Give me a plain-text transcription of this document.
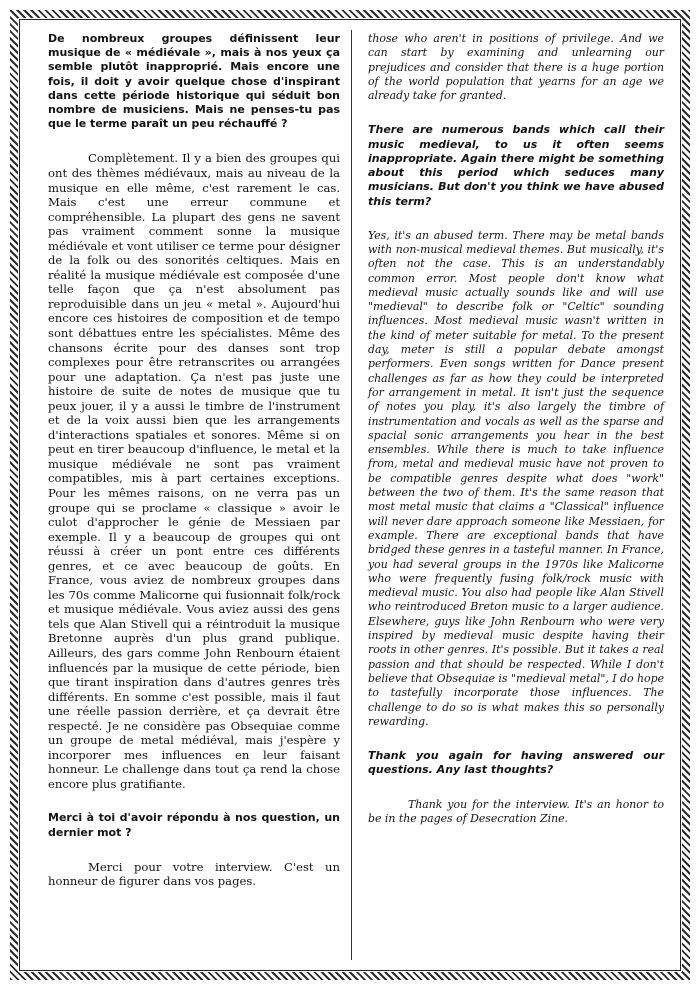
De nombreux groupes définissent leur musique de « médiévale », mais à nos yeux ça semble plutôt inapproprié. Mais encore une fois, il doit y avoir quelque chose d'inspirant dans cette période historique qui séduit bon nombre de musiciens. Mais ne penses-tu pas que le terme paraît un peu réchauffé ?

Complètement. Il y a bien des groupes qui ont des thèmes médiévaux, mais au niveau de la musique en elle même, c'est rarement le cas. Mais c'est une erreur commune et compréhensible. La plupart des gens ne savent pas vraiment comment sonne la musique médiévale et vont utiliser ce terme pour désigner de la folk ou des sonorités celtiques. Mais en réalité la musique médiévale est composée d'une telle façon que ça n'est absolument pas reproduisible dans un jeu « metal ». Aujourd'hui encore ces histoires de composition et de tempo sont débattues entre les spécialistes. Même des chansons écrite pour des danses sont trop complexes pour être retranscrites ou arrangées pour une adaptation. Ça n'est pas juste une histoire de suite de notes de musique que tu peux jouer, il y a aussi le timbre de l'instrument et de la voix aussi bien que les arrangements d'interactions spatiales et sonores. Même si on peut en tirer beaucoup d'influence, le metal et la musique médiévale ne sont pas vraiment compatibles, mis à part certaines exceptions. Pour les mêmes raisons, on ne verra pas un groupe qui se proclame « classique » avoir le culot d'approcher le génie de Messiaen par exemple. Il y a beaucoup de groupes qui ont réussi à créer un pont entre ces différents genres, et ce avec beaucoup de goûts. En France, vous aviez de nombreux groupes dans les 70s comme Malicorne qui fusionnait folk/rock et musique médiévale. Vous aviez aussi des gens tels que Alan Stivell qui a réintroduit la musique Bretonne auprès d'un plus grand publique. Ailleurs, des gars comme John Renbourn étaient influencés par la musique de cette période, bien que tirant inspiration dans d'autres genres très différents. En somme c'est possible, mais il faut une réelle passion derrière, et ça devrait être respecté. Je ne considère pas Obsequiae comme un groupe de metal médiéval, mais j'espère y incorporer mes influences en leur faisant honneur. Le challenge dans tout ça rend la chose encore plus gratifiante.

Merci à toi d'avoir répondu à nos question, un dernier mot ?

Merci pour votre interview. C'est un honneur de figurer dans vos pages.

those who aren't in positions of privilege. And we can start by examining and unlearning our prejudices and consider that there is a huge portion of the world population that yearns for an age we already take for granted.

There are numerous bands which call their music medieval, to us it often seems inappropriate. Again there might be something about this period which seduces many musicians. But don't you think we have abused this term?

Yes, it's an abused term. There may be metal bands with non-musical medieval themes. But musically, it's often not the case. This is an understandably common error. Most people don't know what medieval music actually sounds like and will use "medieval" to describe folk or "Celtic" sounding influences. Most medieval music wasn't written in the kind of meter suitable for metal. To the present day, meter is still a popular debate amongst performers. Even songs written for Dance present challenges as far as how they could be interpreted for arrangement in metal. It isn't just the sequence of notes you play, it's also largely the timbre of instrumentation and vocals as well as the sparse and spacial sonic arrangements you hear in the best ensembles. While there is much to take influence from, metal and medieval music have not proven to be compatible genres despite what does "work" between the two of them. It's the same reason that most metal music that claims a "Classical" influence will never dare approach someone like Messiaen, for example. There are exceptional bands that have bridged these genres in a tasteful manner. In France, you had several groups in the 1970s like Malicorne who were frequently fusing folk/rock music with medieval music. You also had people like Alan Stivell who reintroduced Breton music to a larger audience. Elsewhere, guys like John Renbourn who were very inspired by medieval music despite having their roots in other genres. It's possible. But it takes a real passion and that should be respected. While I don't believe that Obsequiae is "medieval metal", I do hope to tastefully incorporate those influences. The challenge to do so is what makes this so personally rewarding.

Thank you again for having answered our questions. Any last thoughts?

Thank you for the interview. It's an honor to be in the pages of Desecration Zine.
